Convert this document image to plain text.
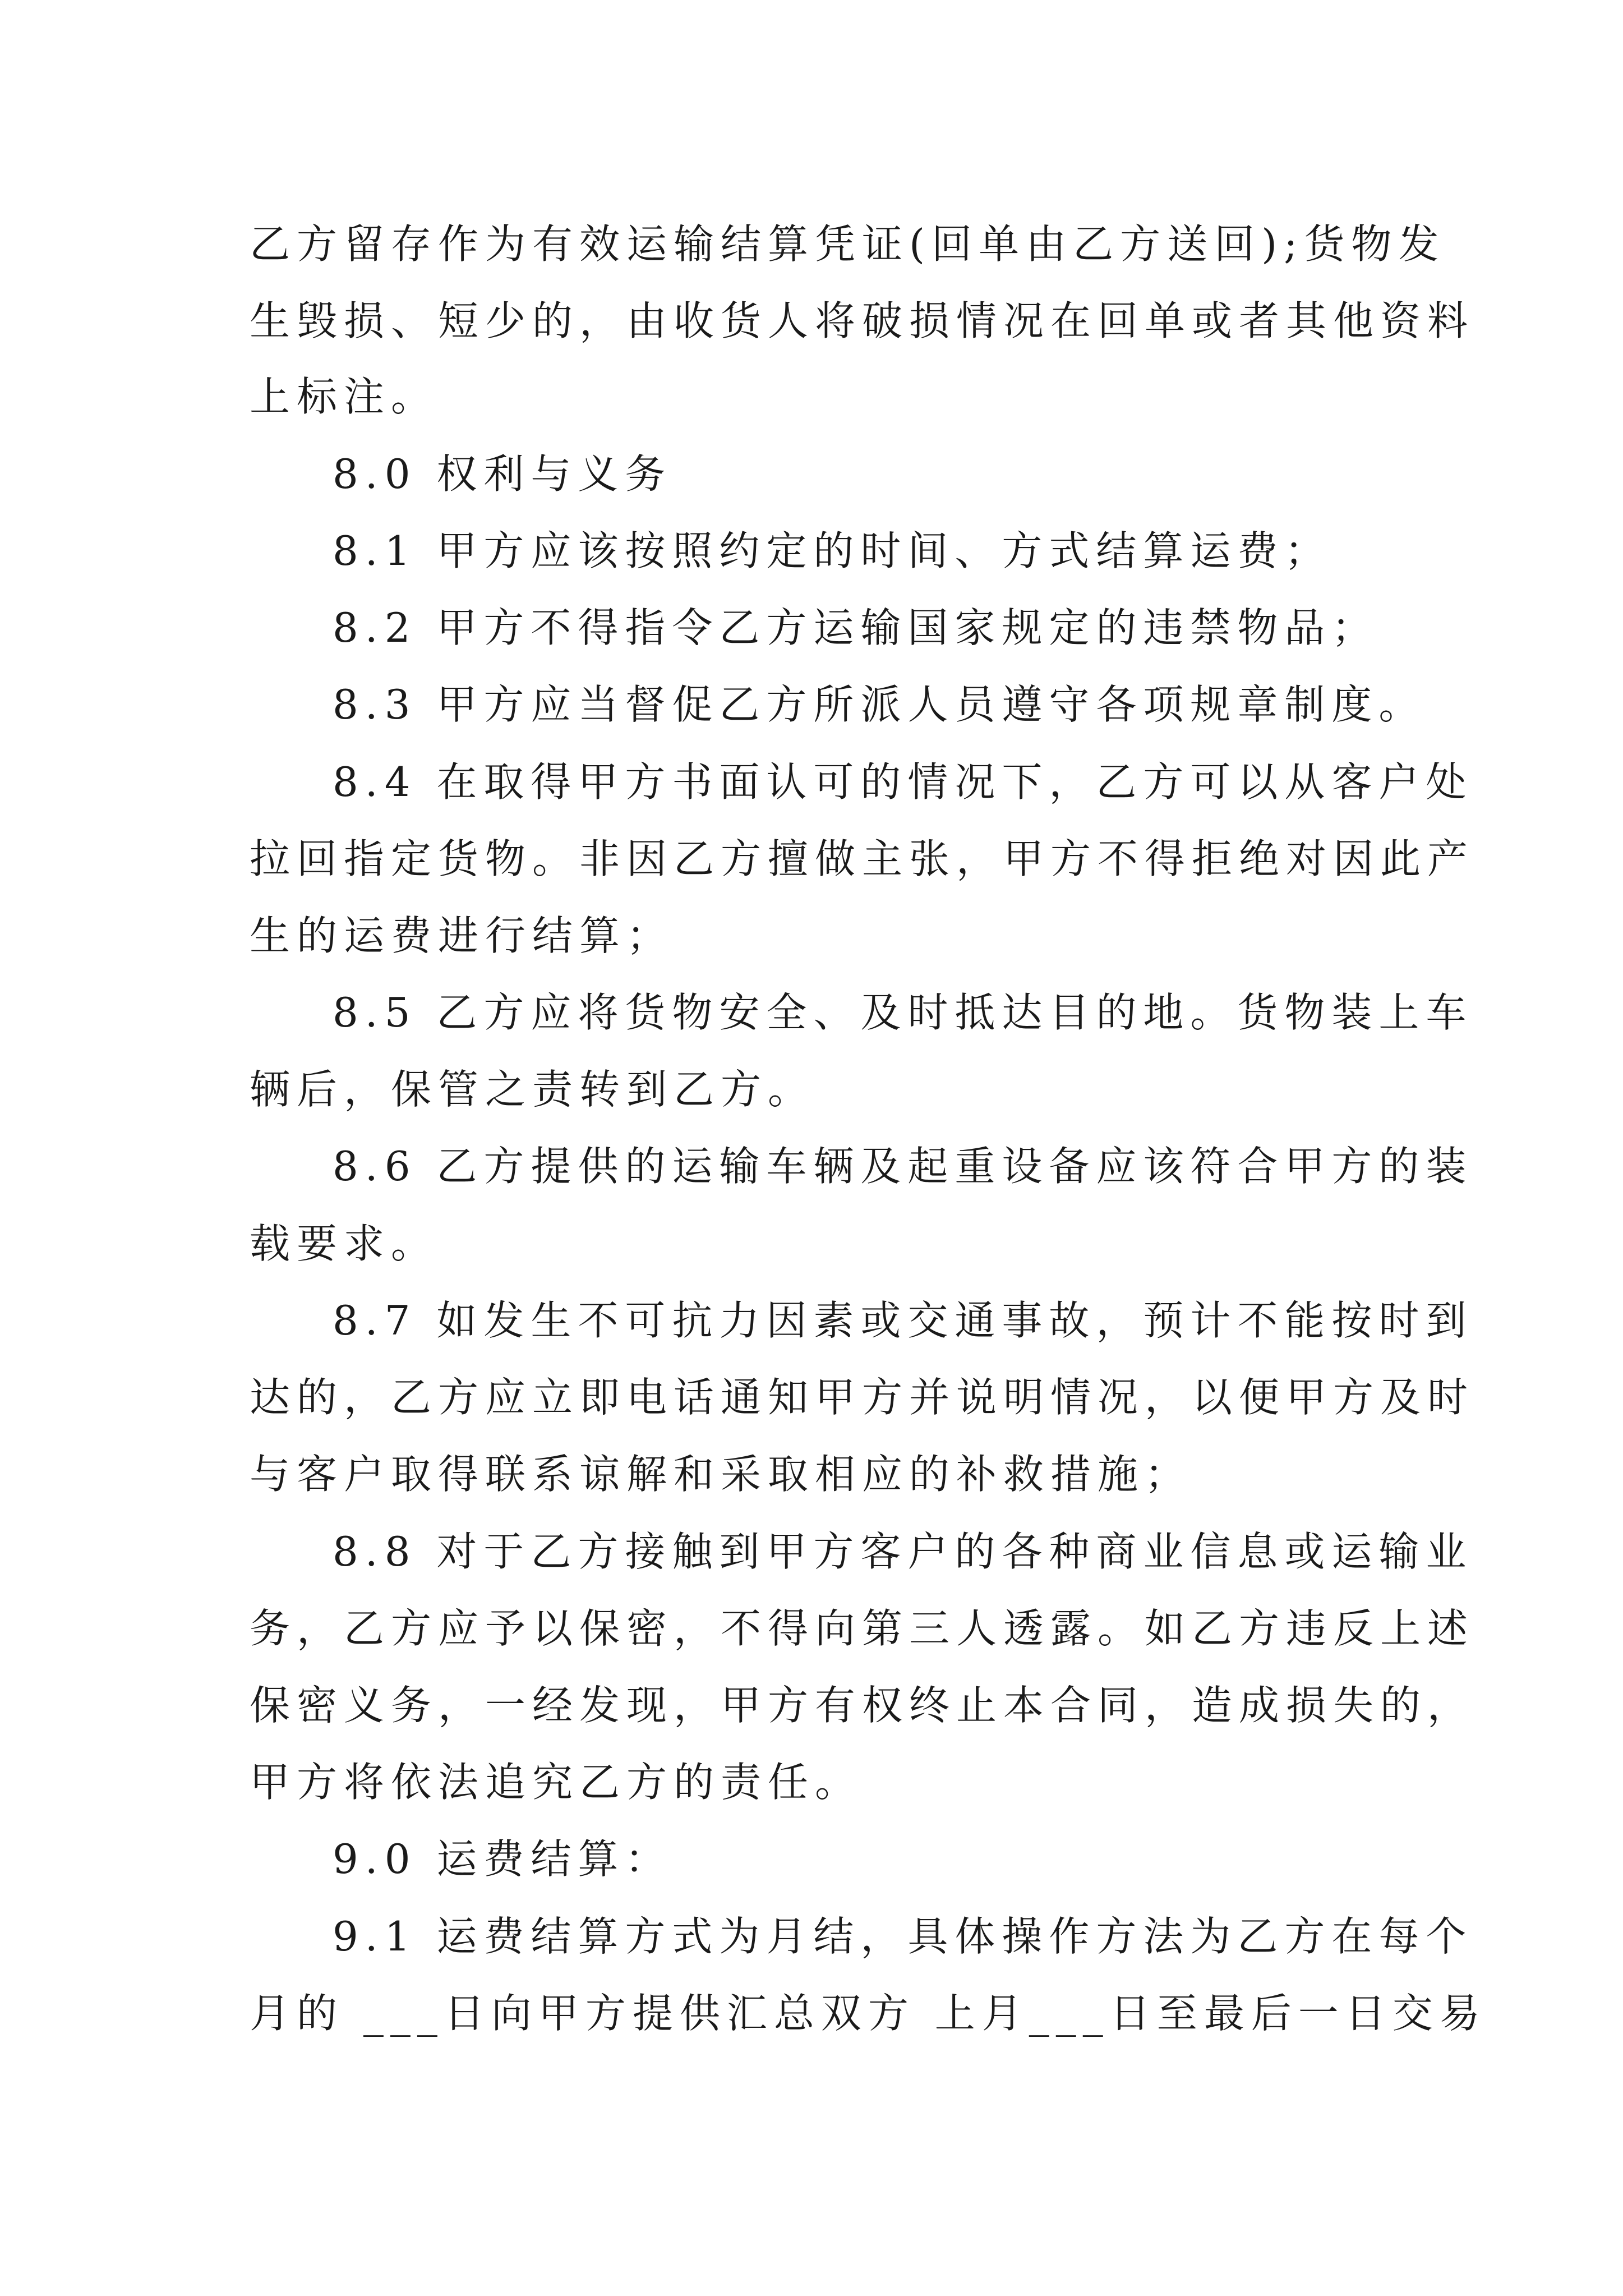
乙方留存作为有效运输结算凭证(回单由乙方送回);货物发
生毁损、短少的，由收货人将破损情况在回单或者其他资料
上标注。
8.0 权利与义务
8.1 甲方应该按照约定的时间、方式结算运费；
8.2 甲方不得指令乙方运输国家规定的违禁物品；
8.3 甲方应当督促乙方所派人员遵守各项规章制度。
8.4 在取得甲方书面认可的情况下，乙方可以从客户处
拉回指定货物。非因乙方擅做主张，甲方不得拒绝对因此产
生的运费进行结算；
8.5 乙方应将货物安全、及时抵达目的地。货物装上车
辆后，保管之责转到乙方。
8.6 乙方提供的运输车辆及起重设备应该符合甲方的装
载要求。
8.7 如发生不可抗力因素或交通事故，预计不能按时到
达的，乙方应立即电话通知甲方并说明情况，以便甲方及时
与客户取得联系谅解和采取相应的补救措施；
8.8 对于乙方接触到甲方客户的各种商业信息或运输业
务，乙方应予以保密，不得向第三人透露。如乙方违反上述
保密义务，一经发现，甲方有权终止本合同，造成损失的，
甲方将依法追究乙方的责任。
9.0 运费结算：
9.1 运费结算方式为月结，具体操作方法为乙方在每个
月的 ___日向甲方提供汇总双方 上月___日至最后一日交易
